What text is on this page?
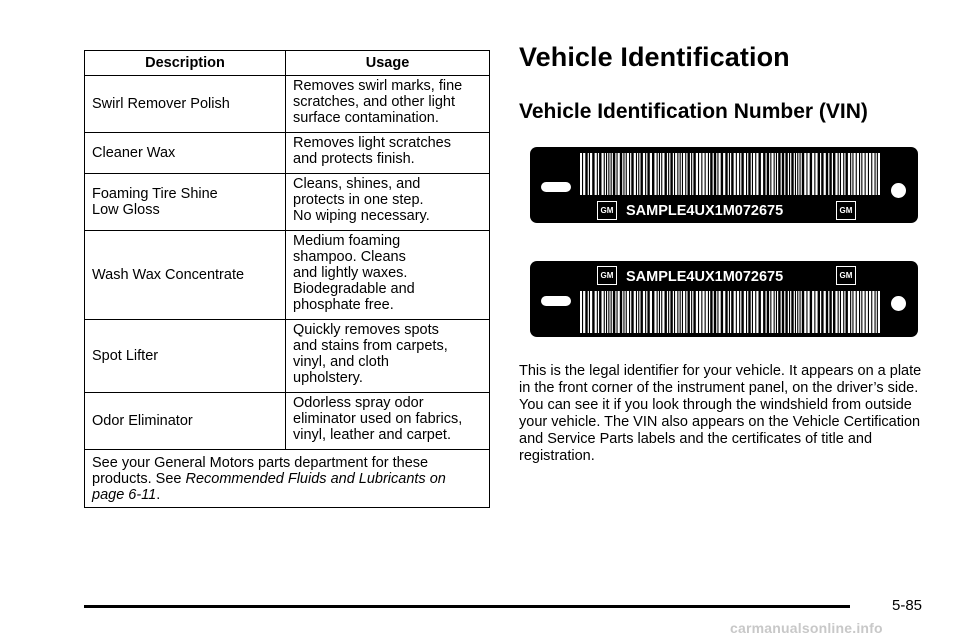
Description	Usage
Swirl Remover Polish	Removes swirl marks, fine
scratches, and other light
surface contamination.

Cleaner Wax	Removes light scratches
and protects finish.

Foaming Tire Shine
Low Gloss	Cleans, shines, and
protects in one step.
No wiping necessary.

Wash Wax Concentrate	Medium foaming
shampoo. Cleans
and lightly waxes.
Biodegradable and
phosphate free.

Spot Lifter	Quickly removes spots
and stains from carpets,
vinyl, and cloth
upholstery.

Odor Eliminator	Odorless spray odor
eliminator used on fabrics,
vinyl, leather and carpet.

See your General Motors parts department for these products. See Recommended Fluids and Lubricants on page 6-11.	
Vehicle Identification
Vehicle Identification Number (VIN)
GM SAMPLE4UX1M072675	GM
GM SAMPLE4UX1M072675	GM

This is the legal identifier for your vehicle. It appears on a plate in the front corner of the instrument panel, on the driver’s side. You can see it if you look through the windshield from outside your vehicle. The VIN also appears on the Vehicle Certification and Service Parts labels and the certificates of title and registration.

5-85
carmanualsonline.info
